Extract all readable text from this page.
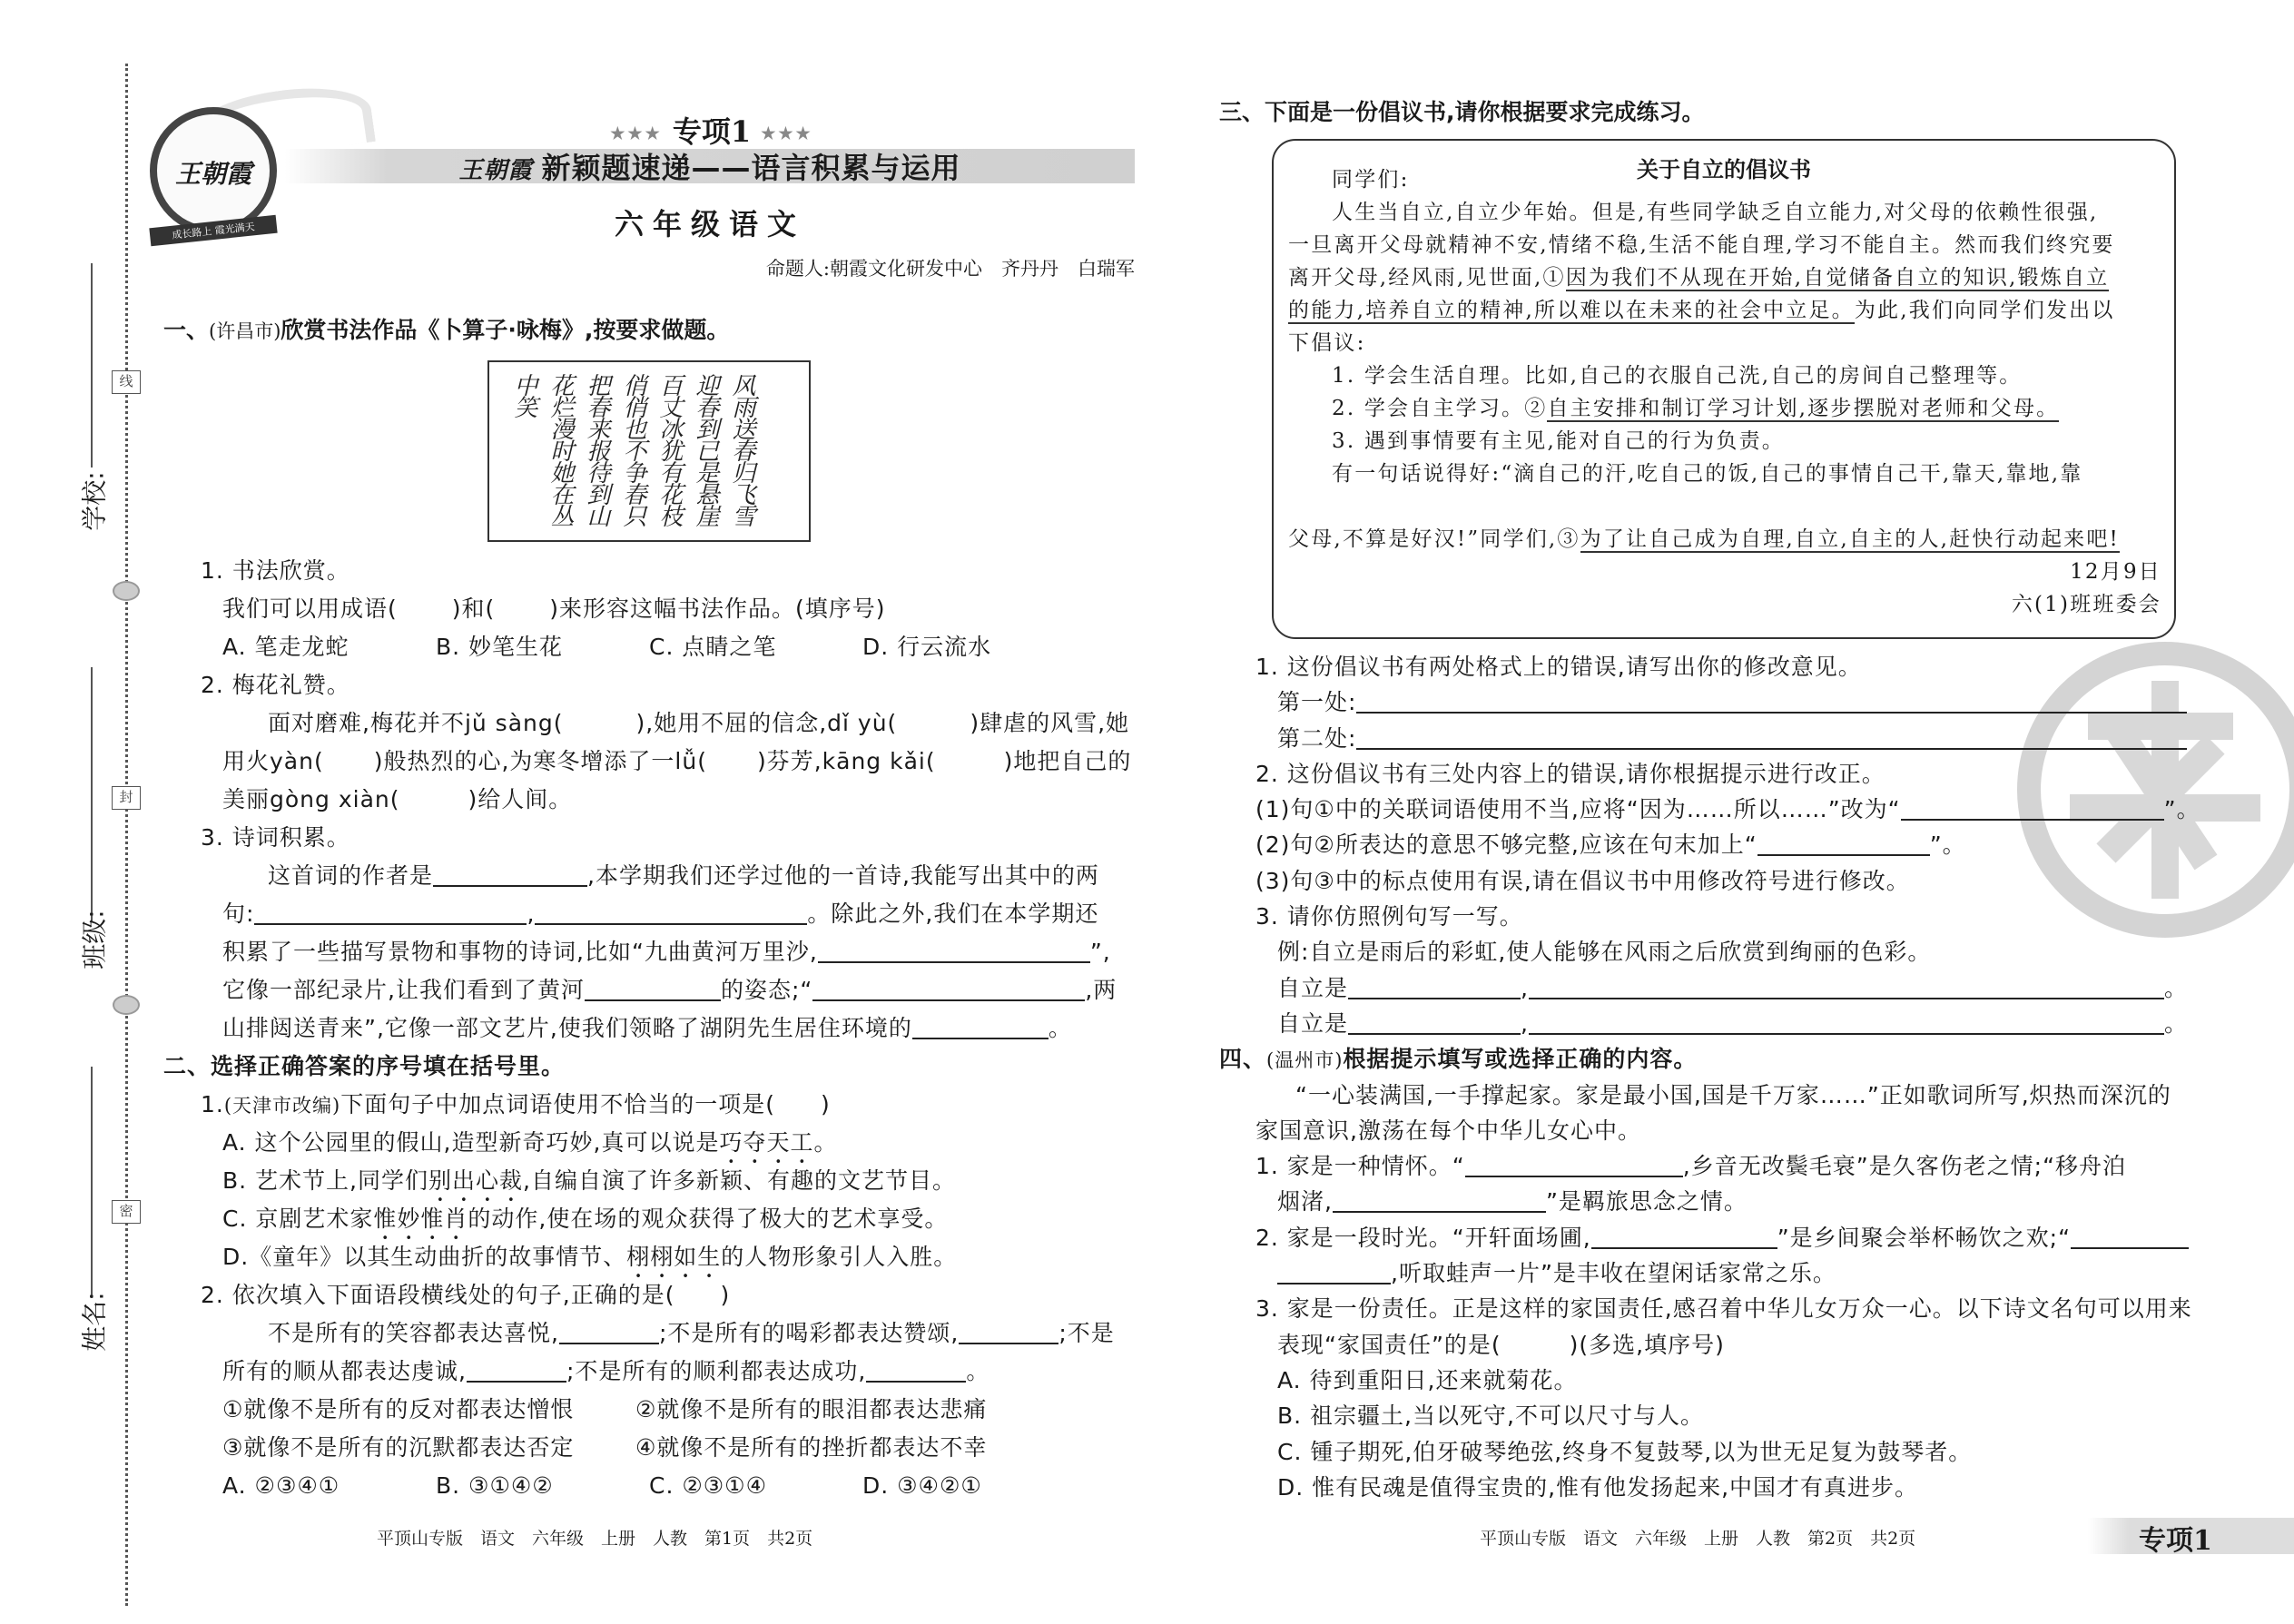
线
封
密
学校:
班级:
姓名:
王朝霞
成长路上 霞光满天
★★★ 专项1 ★★★
王朝霞 新颖题速递——语言积累与运用
六年级语文
命题人:朝霞文化研发中心　齐丹丹　白瑞军
风雨送春归飞雪迎春到已是悬崖百丈冰犹有花枝俏俏也不争春只把春来报待到山花烂漫时她在丛中笑
一、(许昌市)欣赏书法作品《卜算子·咏梅》,按要求做题。
1. 书法欣赏。
我们可以用成语( )和( )来形容这幅书法作品。(填序号)
A. 笔走龙蛇	B. 妙笔生花	C. 点睛之笔	D. 行云流水
2. 梅花礼赞。
面对磨难,梅花并不jǔ sàng(	),她用不屈的信念,dǐ yù(	)肆虐的风雪,她
用火yàn( )般热烈的心,为寒冬增添了一lǚ( )芬芳,kāng kǎi(	)地把自己的
美丽gòng xiàn(	)给人间。
3. 诗词积累。
这首词的作者是	,本学期我们还学过他的一首诗,我能写出其中的两
句:	,	。除此之外,我们在本学期还
积累了一些描写景物和事物的诗词,比如“九曲黄河万里沙,	”,
它像一部纪录片,让我们看到了黄河	的姿态;“	,两
山排闼送青来”,它像一部文艺片,使我们领略了湖阴先生居住环境的	。
二、选择正确答案的序号填在括号里。
1.(天津市改编)下面句子中加点词语使用不恰当的一项是( )
A. 这个公园里的假山,造型新奇巧妙,真可以说是巧夺天工。
B. 艺术节上,同学们别出心裁,自编自演了许多新颖、有趣的文艺节目。
C. 京剧艺术家惟妙惟肖的动作,使在场的观众获得了极大的艺术享受。
D.《童年》以其生动曲折的故事情节、栩栩如生的人物形象引人入胜。
2. 依次填入下面语段横线处的句子,正确的是( )
不是所有的笑容都表达喜悦,	;不是所有的喝彩都表达赞颂,	;不是
所有的顺从都表达虔诚,	;不是所有的顺利都表达成功,	。
①就像不是所有的反对都表达憎恨	②就像不是所有的眼泪都表达悲痛
③就像不是所有的沉默都表达否定	④就像不是所有的挫折都表达不幸
A. ②③④①	B. ③①④②	C. ②③①④	D. ③④②①
平顶山专版　语文　六年级　上册　人教　第1页　共2页
三、下面是一份倡议书,请你根据要求完成练习。
关于自立的倡议书
同学们:
人生当自立,自立少年始。但是,有些同学缺乏自立能力,对父母的依赖性很强,
一旦离开父母就精神不安,情绪不稳,生活不能自理,学习不能自主。然而我们终究要
离开父母,经风雨,见世面,①因为我们不从现在开始,自觉储备自立的知识,锻炼自立
的能力,培养自立的精神,所以难以在未来的社会中立足。为此,我们向同学们发出以
下倡议:
1. 学会生活自理。比如,自己的衣服自己洗,自己的房间自己整理等。
2. 学会自主学习。②自主安排和制订学习计划,逐步摆脱对老师和父母。
3. 遇到事情要有主见,能对自己的行为负责。
有一句话说得好:“滴自己的汗,吃自己的饭,自己的事情自己干,靠天,靠地,靠
父母,不算是好汉!”同学们,③为了让自己成为自理,自立,自主的人,赶快行动起来吧!
12月9日
六(1)班班委会
1. 这份倡议书有两处格式上的错误,请写出你的修改意见。
第一处:
第二处:
2. 这份倡议书有三处内容上的错误,请你根据提示进行改正。
(1)句①中的关联词语使用不当,应将“因为……所以……”改为“	”。
(2)句②所表达的意思不够完整,应该在句末加上“	”。
(3)句③中的标点使用有误,请在倡议书中用修改符号进行修改。
3. 请你仿照例句写一写。
例:自立是雨后的彩虹,使人能够在风雨之后欣赏到绚丽的色彩。
自立是	,	。
自立是	,	。
四、(温州市)根据提示填写或选择正确的内容。
“一心装满国,一手撑起家。家是最小国,国是千万家……”正如歌词所写,炽热而深沉的
家国意识,激荡在每个中华儿女心中。
1. 家是一种情怀。“	,乡音无改鬓毛衰”是久客伤老之情;“移舟泊
烟渚,	”是羁旅思念之情。
2. 家是一段时光。“开轩面场圃,	”是乡间聚会举杯畅饮之欢;“
,听取蛙声一片”是丰收在望闲话家常之乐。
3. 家是一份责任。正是这样的家国责任,感召着中华儿女万众一心。以下诗文名句可以用来
表现“家国责任”的是(	)(多选,填序号)
A. 待到重阳日,还来就菊花。
B. 祖宗疆土,当以死守,不可以尺寸与人。
C. 锺子期死,伯牙破琴绝弦,终身不复鼓琴,以为世无足复为鼓琴者。
D. 惟有民魂是值得宝贵的,惟有他发扬起来,中国才有真进步。
平顶山专版　语文　六年级　上册　人教　第2页　共2页	专项1
